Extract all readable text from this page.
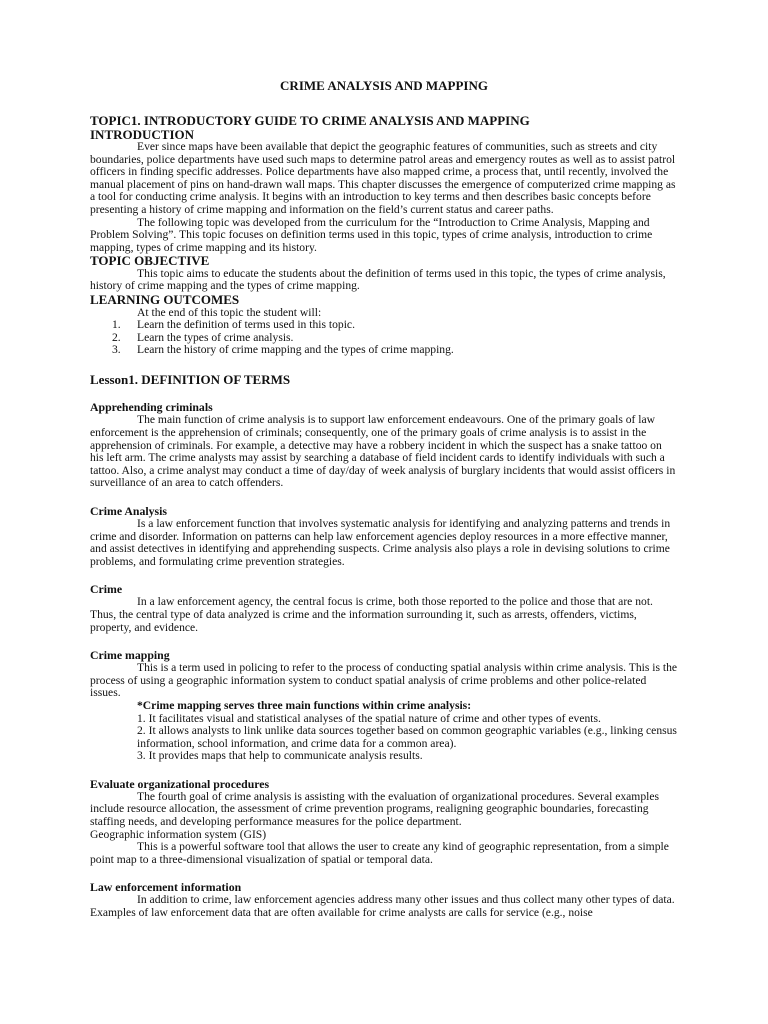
CRIME ANALYSIS AND MAPPING
TOPIC1. INTRODUCTORY GUIDE TO CRIME ANALYSIS AND MAPPING
INTRODUCTION

Ever since maps have been available that depict the geographic features of communities, such as streets and city boundaries, police departments have used such maps to determine patrol areas and emergency routes as well as to assist patrol officers in finding specific addresses. Police departments have also mapped crime, a process that, until recently, involved the manual placement of pins on hand-drawn wall maps. This chapter discusses the emergence of computerized crime mapping as a tool for conducting crime analysis. It begins with an introduction to key terms and then describes basic concepts before presenting a history of crime mapping and information on the field’s current status and career paths.

The following topic was developed from the curriculum for the “Introduction to Crime Analysis, Mapping and Problem Solving”. This topic focuses on definition terms used in this topic, types of crime analysis, introduction to crime mapping, types of crime mapping and its history.

TOPIC OBJECTIVE

This topic aims to educate the students about the definition of terms used in this topic, the types of crime analysis, history of crime mapping and the types of crime mapping.

LEARNING OUTCOMES

At the end of this topic the student will:

1. Learn the definition of terms used in this topic.
2. Learn the types of crime analysis.
3. Learn the history of crime mapping and the types of crime mapping.
Lesson1. DEFINITION OF TERMS
Apprehending criminals

The main function of crime analysis is to support law enforcement endeavours. One of the primary goals of law enforcement is the apprehension of criminals; consequently, one of the primary goals of crime analysis is to assist in the apprehension of criminals. For example, a detective may have a robbery incident in which the suspect has a snake tattoo on his left arm. The crime analysts may assist by searching a database of field incident cards to identify individuals with such a tattoo. Also, a crime analyst may conduct a time of day/day of week analysis of burglary incidents that would assist officers in surveillance of an area to catch offenders.

Crime Analysis

Is a law enforcement function that involves systematic analysis for identifying and analyzing patterns and trends in crime and disorder. Information on patterns can help law enforcement agencies deploy resources in a more effective manner, and assist detectives in identifying and apprehending suspects. Crime analysis also plays a role in devising solutions to crime problems, and formulating crime prevention strategies.

Crime

In a law enforcement agency, the central focus is crime, both those reported to the police and those that are not. Thus, the central type of data analyzed is crime and the information surrounding it, such as arrests, offenders, victims, property, and evidence.

Crime mapping

This is a term used in policing to refer to the process of conducting spatial analysis within crime analysis. This is the process of using a geographic information system to conduct spatial analysis of crime problems and other police-related issues.

*Crime mapping serves three main functions within crime analysis:

1. It facilitates visual and statistical analyses of the spatial nature of crime and other types of events.

2. It allows analysts to link unlike data sources together based on common geographic variables (e.g., linking census information, school information, and crime data for a common area).

3. It provides maps that help to communicate analysis results.

Evaluate organizational procedures

The fourth goal of crime analysis is assisting with the evaluation of organizational procedures. Several examples include resource allocation, the assessment of crime prevention programs, realigning geographic boundaries, forecasting staffing needs, and developing performance measures for the police department.

Geographic information system (GIS)

This is a powerful software tool that allows the user to create any kind of geographic representation, from a simple point map to a three-dimensional visualization of spatial or temporal data.

Law enforcement information

In addition to crime, law enforcement agencies address many other issues and thus collect many other types of data. Examples of law enforcement data that are often available for crime analysts are calls for service (e.g., noise
